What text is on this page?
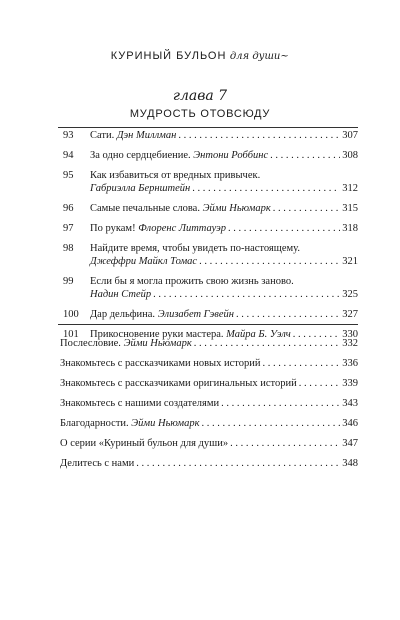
КУРИНЫЙ БУЛЬОН для души~
глава 7
МУДРОСТЬ ОТОВСЮДУ
93	Сати. Дэн Миллман . . .	307
94	За одно сердцебиение. Энтони Роббинс . . .	308
95	Как избавиться от вредных привычек.
Габриэлла Бернштейн . . .	312
96	Самые печальные слова. Эйми Ньюмарк . . .	315
97	По рукам! Флоренс Литтауэр . . .	318
98	Найдите время, чтобы увидеть по-настоящему.
Джеффри Майкл Томас . . .	321
99	Если бы я могла прожить свою жизнь заново.
Надин Стейр . . .	325
100	Дар дельфина. Элизабет Гэвейн . . .	327
101	Прикосновение руки мастера. Майра Б. Уэлч . . .	330
Послесловие. Эйми Ньюмарк . . .	332
Знакомьтесь с рассказчиками новых историй . . .	336
Знакомьтесь с рассказчиками оригинальных историй . . .	339
Знакомьтесь с нашими создателями . . .	343
Благодарности. Эйми Ньюмарк . . .	346
О серии «Куриный бульон для души» . . .	347
Делитесь с нами . . .	348
